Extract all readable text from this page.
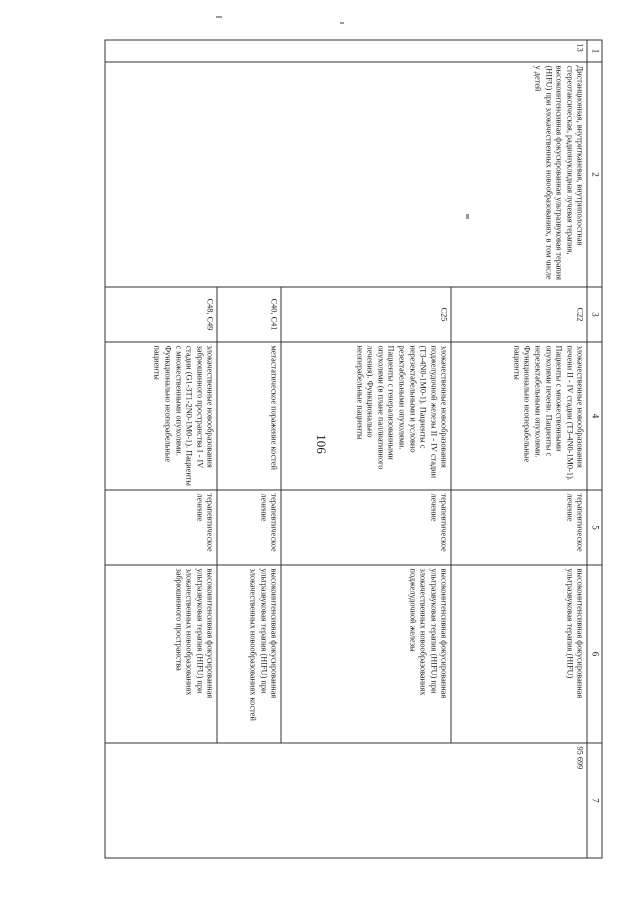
106
1	2	3	4	5	6	7
13	Дистанционная, внутритканевая, внутриполостная стереотаксическая, радионуклидная лучевая терапия, высокоинтенсивная фокусированная ультразвуковая терапия (HIFU) при злокачественных новообразованиях, в том числе у детей	C22	злокачественные новообразования печени II - IV стадии (T3-4N0-1M0-1). Пациенты с множественными опухолями печени. Пациенты с нерезектабельными опухолями. Функционально неоперабельные пациенты	терапевтическое лечение	высокоинтенсивная фокусированная ультразвуковая терапия (HIFU)	95 699
		C25	злокачественные новообразования поджелудочной железы II - IV стадии (T3-4N0-1M0-1). Пациенты с нерезектабельными и условно резектабельными опухолями. Пациенты с генерализованными опухолями (в плане паллиативного лечения). Функционально неоперабельные пациенты	терапевтическое лечение	высокоинтенсивная фокусированная ультразвуковая терапия (HIFU) при злокачественных новообразованиях поджелудочной железы	
		C40, C41	метастатическое поражение костей	терапевтическое лечение	высокоинтенсивная фокусированная ультразвуковая терапия (HIFU) при злокачественных новообразованиях костей	
		C48, C49	злокачественные новообразования забрюшинного пространства I - IV стадии (G1-3T1-2N0-1M0-1). Пациенты с множественными опухолями. Функционально неоперабельные пациенты	терапевтическое лечение	высокоинтенсивная фокусированная ультразвуковая терапия (HIFU) при злокачественных новообразованиях забрюшинного пространства	
